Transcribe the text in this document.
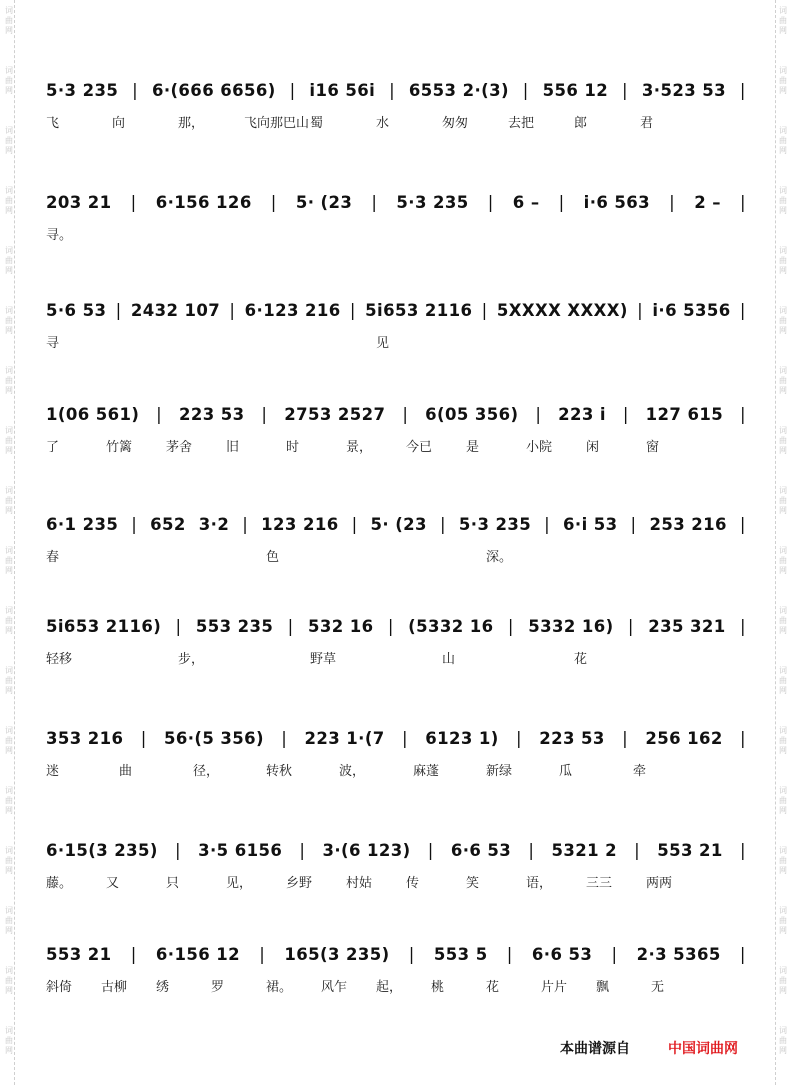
词
曲
网
词
曲
网
词
曲
网
词
曲
网
词
曲
网
词
曲
网
词
曲
网
词
曲
网
词
曲
网
词
曲
网
词
曲
网
词
曲
网
词
曲
网
词
曲
网
词
曲
网
词
曲
网
词
曲
网
词
曲
网
词
曲
网
词
曲
网
词
曲
网
词
曲
网
词
曲
网
词
曲
网
词
曲
网
词
曲
网
词
曲
网
词
曲
网
词
曲
网
词
曲
网
词
曲
网
词
曲
网
词
曲
网
词
曲
网
词
曲
网
词
曲
网
5·3 235 | 6·(666 6656) | i16 56i | 6553 2·(3) | 556 12 | 3·523 53 |
飞	向	那，	飞向那巴山 蜀	水	匆匆	去把	郎	君
203 21 | 6·156 126 | 5· (23 | 5·3 235 | 6 – | i·6 563 | 2 – |
寻。
5·6 53 | 2432 107 | 6·123 216 | 5i653 2116 | 5XXXX XXXX) | i·6 5356 |
寻	见
1(06 561) | 223 53 | 2753 2527 | 6(05 356) | 223 i | 127 615 |
了	竹篱	茅舍	旧	时	景，	今已	是	小院	闲	窗
6·1 235 | 652 3·2 | 123 216 | 5· (23 | 5·3 235 | 6·i 53 | 253 216 |
春	色	深。
5i653 2116) | 553 235 | 532 16 | (5332 16 | 5332 16) | 235 321 |
轻移	步，	野草	山	花
353 216 | 56·(5 356) | 223 1·(7 | 6123 1) | 223 53 | 256 162 |
迷	曲	径，	转秋	波，	麻蓬	新绿	瓜	牵
6·15(3 235) | 3·5 6156 | 3·(6 123) | 6·6 53 | 5321 2 | 553 21 |
藤。	又	只	见，	乡野	村姑	传	笑	语，	三三	两两
553 21 | 6·156 12 | 165(3 235) | 553 5 | 6·6 53 | 2·3 5365 |
斜倚 古柳 绣	罗	裙。 风乍 起， 桃	花	片片 飘	无
本曲谱源自	中国词曲网
